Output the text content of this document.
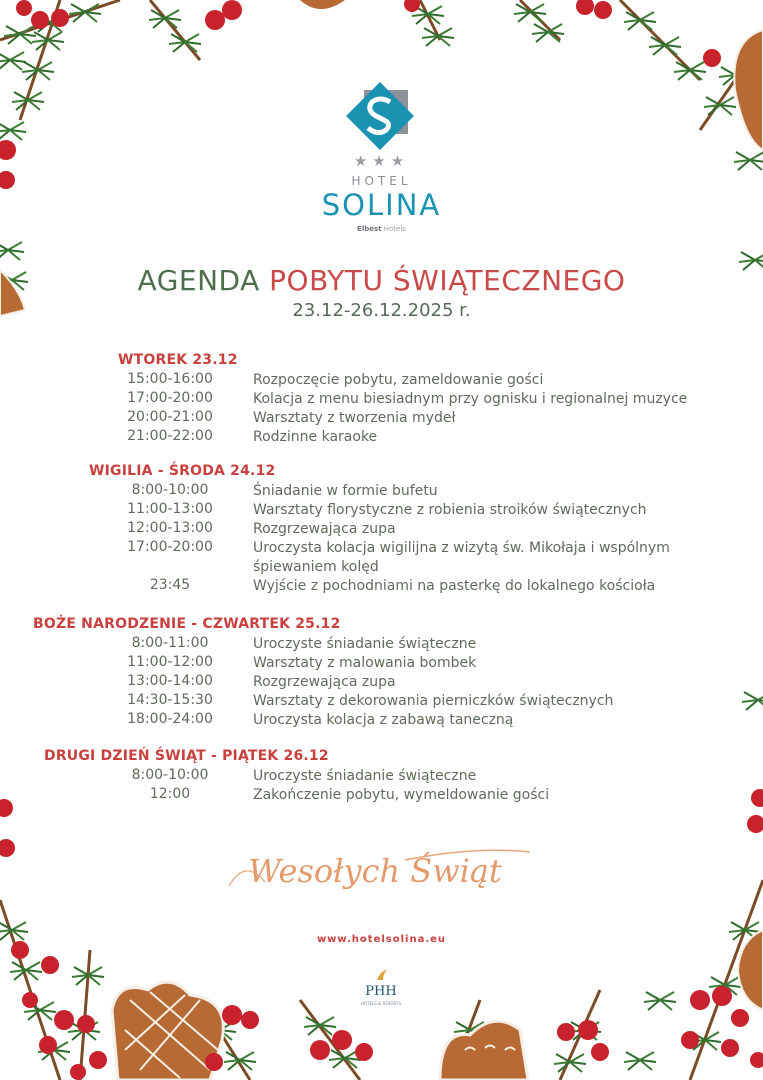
★★★
HOTEL
SOLINA
Elbest Hotels
AGENDA POBYTU ŚWIĄTECZNEGO
23.12-26.12.2025 r.
WTOREK 23.12
15:00-16:00	Rozpoczęcie pobytu, zameldowanie gości
17:00-20:00	Kolacja z menu biesiadnym przy ognisku i regionalnej muzyce
20:00-21:00	Warsztaty z tworzenia mydeł
21:00-22:00	Rodzinne karaoke
WIGILIA - ŚRODA 24.12
8:00-10:00	Śniadanie w formie bufetu
11:00-13:00	Warsztaty florystyczne z robienia stroików świątecznych
12:00-13:00	Rozgrzewająca zupa
17:00-20:00	Uroczysta kolacja wigilijna z wizytą św. Mikołaja i wspólnym śpiewaniem kolęd
23:45	Wyjście z pochodniami na pasterkę do lokalnego kościoła
BOŻE NARODZENIE - CZWARTEK 25.12
8:00-11:00	Uroczyste śniadanie świąteczne
11:00-12:00	Warsztaty z malowania bombek
13:00-14:00	Rozgrzewająca zupa
14:30-15:30	Warsztaty z dekorowania pierniczków świątecznych
18:00-24:00	Uroczysta kolacja z zabawą taneczną
DRUGI DZIEŃ ŚWIĄT - PIĄTEK 26.12
8:00-10:00	Uroczyste śniadanie świąteczne
12:00	Zakończenie pobytu, wymeldowanie gości
Wesołych Świąt
www.hotelsolina.eu
PHH
HOTELS & RESORTS
